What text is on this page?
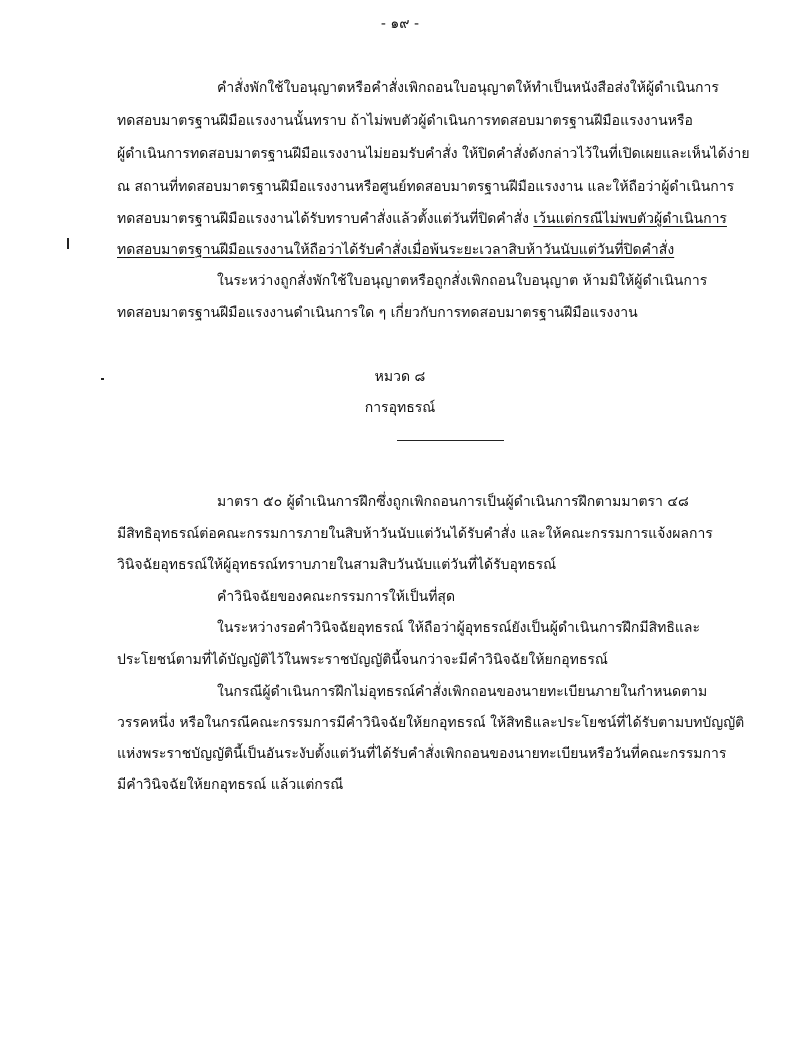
- ๑๙ -

คำสั่งพักใช้ใบอนุญาตหรือคำสั่งเพิกถอนใบอนุญาตให้ทำเป็นหนังสือส่งให้ผู้ดำเนินการ

ทดสอบมาตรฐานฝีมือแรงงานนั้นทราบ ถ้าไม่พบตัวผู้ดำเนินการทดสอบมาตรฐานฝีมือแรงงานหรือ

ผู้ดำเนินการทดสอบมาตรฐานฝีมือแรงงานไม่ยอมรับคำสั่ง ให้ปิดคำสั่งดังกล่าวไว้ในที่เปิดเผยและเห็นได้ง่าย

ณ สถานที่ทดสอบมาตรฐานฝีมือแรงงานหรือศูนย์ทดสอบมาตรฐานฝีมือแรงงาน และให้ถือว่าผู้ดำเนินการ

ทดสอบมาตรฐานฝีมือแรงงานได้รับทราบคำสั่งแล้วตั้งแต่วันที่ปิดคำสั่ง เว้นแต่กรณีไม่พบตัวผู้ดำเนินการ

ทดสอบมาตรฐานฝีมือแรงงานให้ถือว่าได้รับคำสั่งเมื่อพ้นระยะเวลาสิบห้าวันนับแต่วันที่ปิดคำสั่ง

ในระหว่างถูกสั่งพักใช้ใบอนุญาตหรือถูกสั่งเพิกถอนใบอนุญาต ห้ามมิให้ผู้ดำเนินการ

ทดสอบมาตรฐานฝีมือแรงงานดำเนินการใด ๆ เกี่ยวกับการทดสอบมาตรฐานฝีมือแรงงาน

หมวด ๘

การอุทธรณ์

มาตรา ๕๐ ผู้ดำเนินการฝึกซึ่งถูกเพิกถอนการเป็นผู้ดำเนินการฝึกตามมาตรา ๔๘

มีสิทธิอุทธรณ์ต่อคณะกรรมการภายในสิบห้าวันนับแต่วันได้รับคำสั่ง และให้คณะกรรมการแจ้งผลการ

วินิจฉัยอุทธรณ์ให้ผู้อุทธรณ์ทราบภายในสามสิบวันนับแต่วันที่ได้รับอุทธรณ์

คำวินิจฉัยของคณะกรรมการให้เป็นที่สุด

ในระหว่างรอคำวินิจฉัยอุทธรณ์ ให้ถือว่าผู้อุทธรณ์ยังเป็นผู้ดำเนินการฝึกมีสิทธิและ

ประโยชน์ตามที่ได้บัญญัติไว้ในพระราชบัญญัตินี้จนกว่าจะมีคำวินิจฉัยให้ยกอุทธรณ์

ในกรณีผู้ดำเนินการฝึกไม่อุทธรณ์คำสั่งเพิกถอนของนายทะเบียนภายในกำหนดตาม

วรรคหนึ่ง หรือในกรณีคณะกรรมการมีคำวินิจฉัยให้ยกอุทธรณ์ ให้สิทธิและประโยชน์ที่ได้รับตามบทบัญญัติ

แห่งพระราชบัญญัตินี้เป็นอันระงับตั้งแต่วันที่ได้รับคำสั่งเพิกถอนของนายทะเบียนหรือวันที่คณะกรรมการ

มีคำวินิจฉัยให้ยกอุทธรณ์ แล้วแต่กรณี
